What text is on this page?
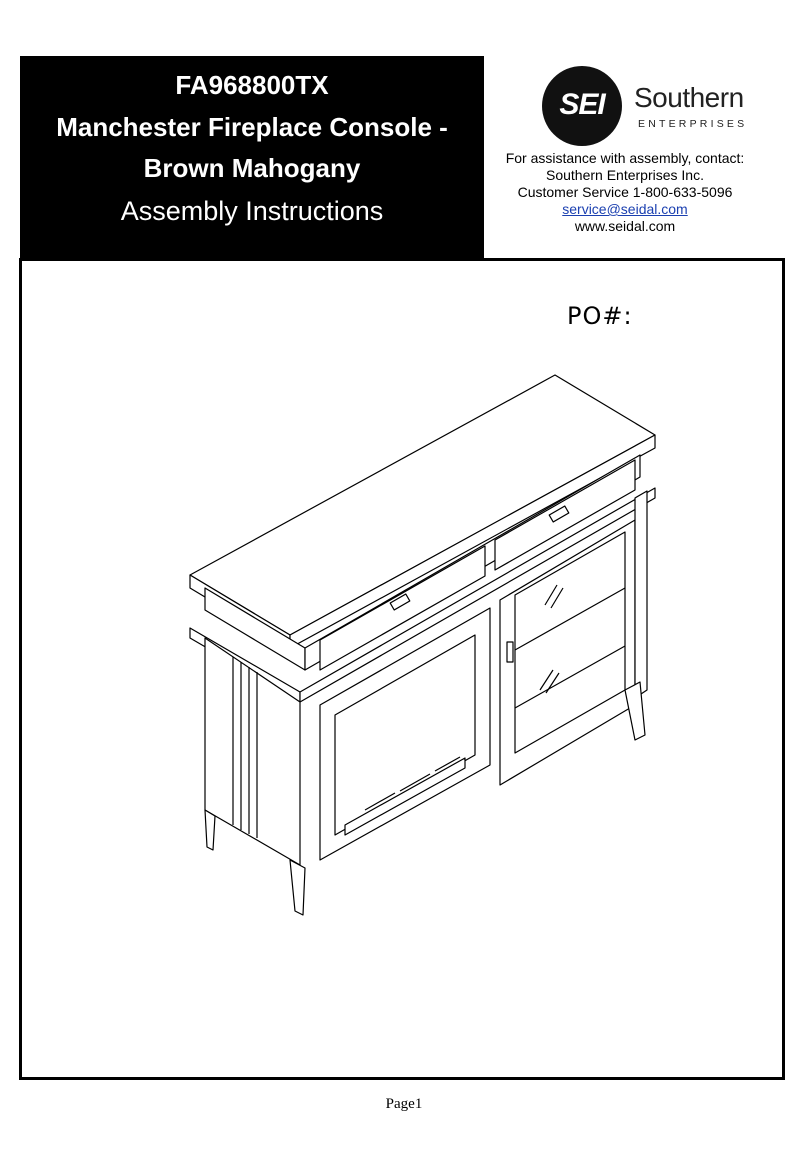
FA968800TX
Manchester Fireplace Console -
Brown Mahogany
Assembly Instructions
SEI	Southern
ENTERPRISES
For assistance with assembly, contact:
Southern Enterprises Inc.
Customer Service 1-800-633-5096
service@seidal.com
www.seidal.com
PO#:
Page1
